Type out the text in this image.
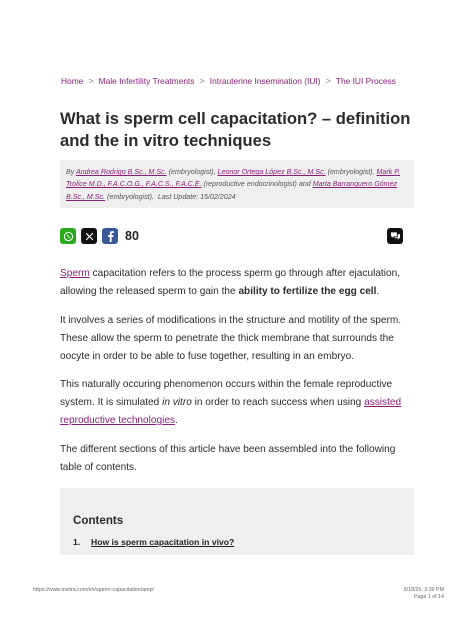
Home > Male Infertility Treatments > Intrauterine Insemination (IUI) > The IUI Process
What is sperm cell capacitation? – definition and the in vitro techniques
By Andrea Rodrigo B.Sc., M.Sc. (embryologist), Leonor Ortega López B.Sc., M.Sc. (embryologist), Mark P. Trolice M.D., F.A.C.O.G., F.A.C.S., F.A.C.E. (reproductive endocrinologist) and Marta Barranquero Gómez B.Sc., M.Sc. (embryologist). Last Update: 15/02/2024
80

Sperm capacitation refers to the process sperm go through after ejaculation, allowing the released sperm to gain the ability to fertilize the egg cell.

It involves a series of modifications in the structure and motility of the sperm. These allow the sperm to penetrate the thick membrane that surrounds the oocyte in order to be able to fuse together, resulting in an embryo.

This naturally occuring phenomenon occurs within the female reproductive system. It is simulated in vitro in order to reach success when using assisted reproductive technologies.

The different sections of this article have been assembled into the following table of contents.

Contents
1.	How is sperm capacitation in vivo?
https://www.invitra.com/en/sperm-capacitation/amp/	9/18/25, 3:39 PM
Page 1 of 14
